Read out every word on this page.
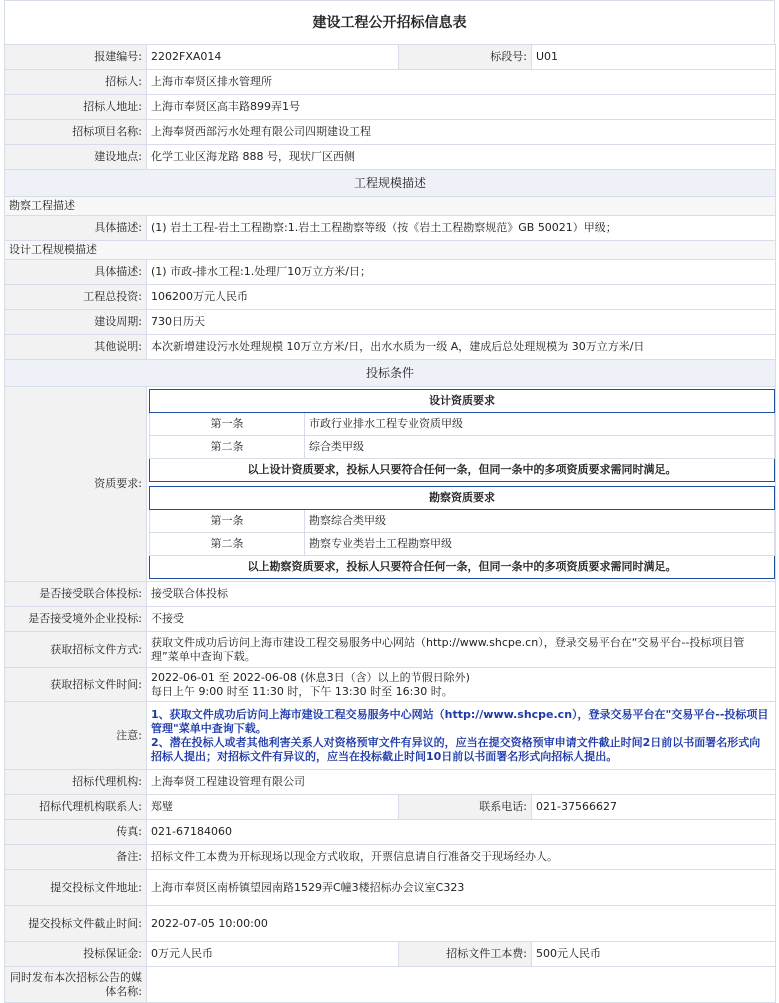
建设工程公开招标信息表
报建编号:	2202FXA014	标段号:	U01
招标人:	上海市奉贤区排水管理所
招标人地址:	上海市奉贤区高丰路899弄1号
招标项目名称:	上海奉贤西部污水处理有限公司四期建设工程
建设地点:	化学工业区海龙路 888 号，现状厂区西侧
工程规模描述
勘察工程描述
具体描述:	(1) 岩土工程-岩土工程勘察:1.岩土工程勘察等级（按《岩土工程勘察规范》GB 50021）甲级；
设计工程规模描述
具体描述:	(1) 市政-排水工程:1.处理厂10万立方米/日；
工程总投资:	106200万元人民币
建设周期:	730日历天
其他说明:	本次新增建设污水处理规模 10万立方米/日，出水水质为一级 A，建成后总处理规模为 30万立方米/日
投标条件
资质要求:	
设计资质要求
第一条	市政行业排水工程专业资质甲级
第二条	综合类甲级
以上设计资质要求，投标人只要符合任何一条，但同一条中的多项资质要求需同时满足。
勘察资质要求
第一条	勘察综合类甲级
第二条	勘察专业类岩土工程勘察甲级
以上勘察资质要求，投标人只要符合任何一条，但同一条中的多项资质要求需同时满足。

是否接受联合体投标:	接受联合体投标
是否接受境外企业投标:	不接受
获取招标文件方式:	获取文件成功后访问上海市建设工程交易服务中心网站（http://www.shcpe.cn），登录交易平台在“交易平台--投标项目管理”菜单中查询下载。
获取招标文件时间:	
2022-06-01 至 2022-06-08 (休息3日（含）以上的节假日除外)
每日上午 9:00 时至 11:30 时，下午 13:30 时至 16:30 时。

注意:	
1、获取文件成功后访问上海市建设工程交易服务中心网站（http://www.shcpe.cn），登录交易平台在"交易平台--投标项目管理"菜单中查询下载。
2、潜在投标人或者其他利害关系人对资格预审文件有异议的，应当在提交资格预审申请文件截止时间2日前以书面署名形式向招标人提出；对招标文件有异议的，应当在投标截止时间10日前以书面署名形式向招标人提出。

招标代理机构:	上海奉贤工程建设管理有限公司
招标代理机构联系人:	郑璧	联系电话:	021-37566627
传真:	021-67184060
备注:	招标文件工本费为开标现场以现金方式收取，开票信息请自行准备交于现场经办人。
提交投标文件地址:	上海市奉贤区南桥镇望园南路1529弄C幢3楼招标办会议室C323
提交投标文件截止时间:	2022-07-05 10:00:00
投标保证金:	0万元人民币	招标文件工本费:	500元人民币
同时发布本次招标公告的媒体名称:	
